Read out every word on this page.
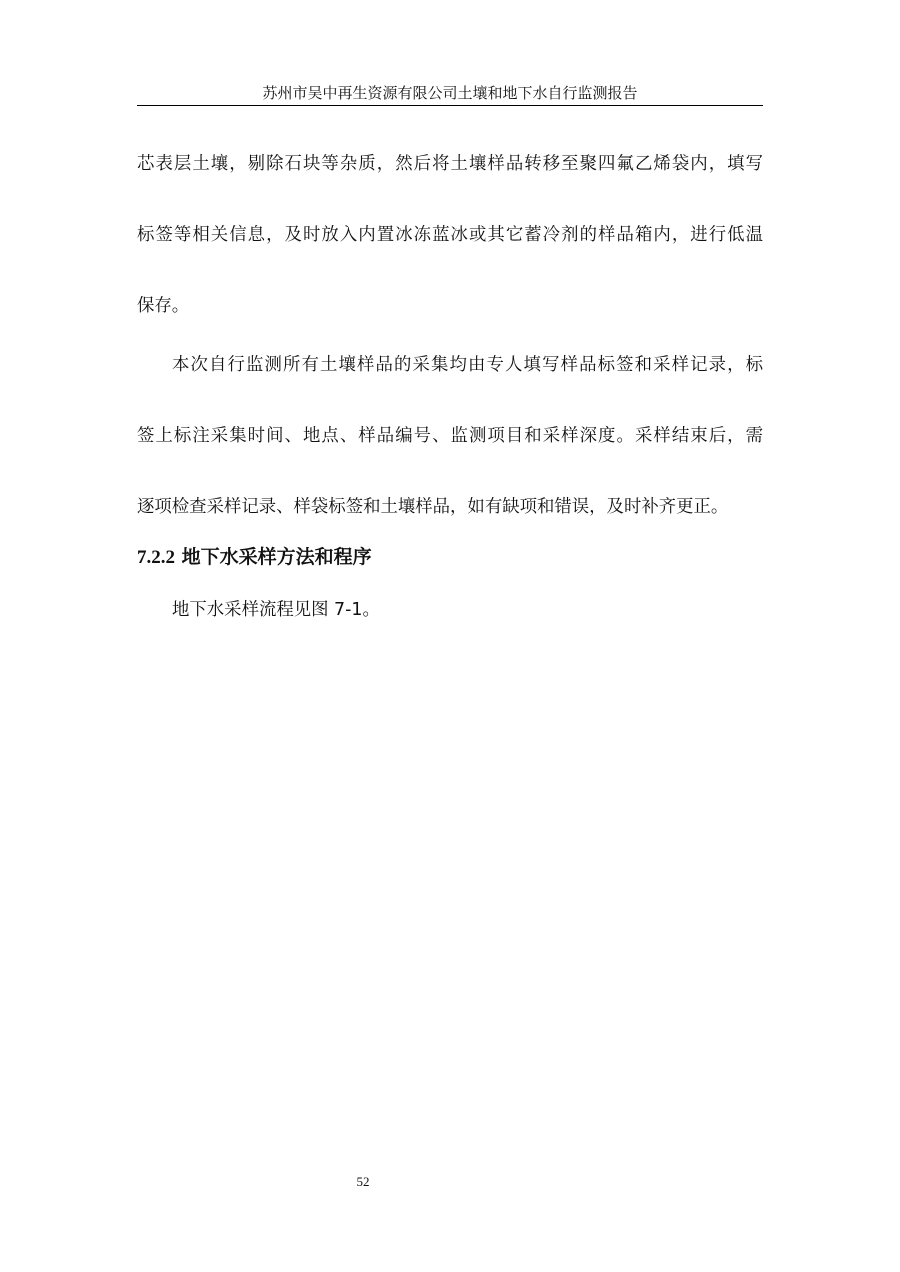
苏州市吴中再生资源有限公司土壤和地下水自行监测报告
芯表层土壤，剔除石块等杂质，然后将土壤样品转移至聚四氟乙烯袋内，填写
标签等相关信息，及时放入内置冰冻蓝冰或其它蓄冷剂的样品箱内，进行低温
保存。
本次自行监测所有土壤样品的采集均由专人填写样品标签和采样记录，标
签上标注采集时间、地点、样品编号、监测项目和采样深度。采样结束后，需
逐项检查采样记录、样袋标签和土壤样品，如有缺项和错误，及时补齐更正。
7.2.2 地下水采样方法和程序
地下水采样流程见图 7-1。
52
